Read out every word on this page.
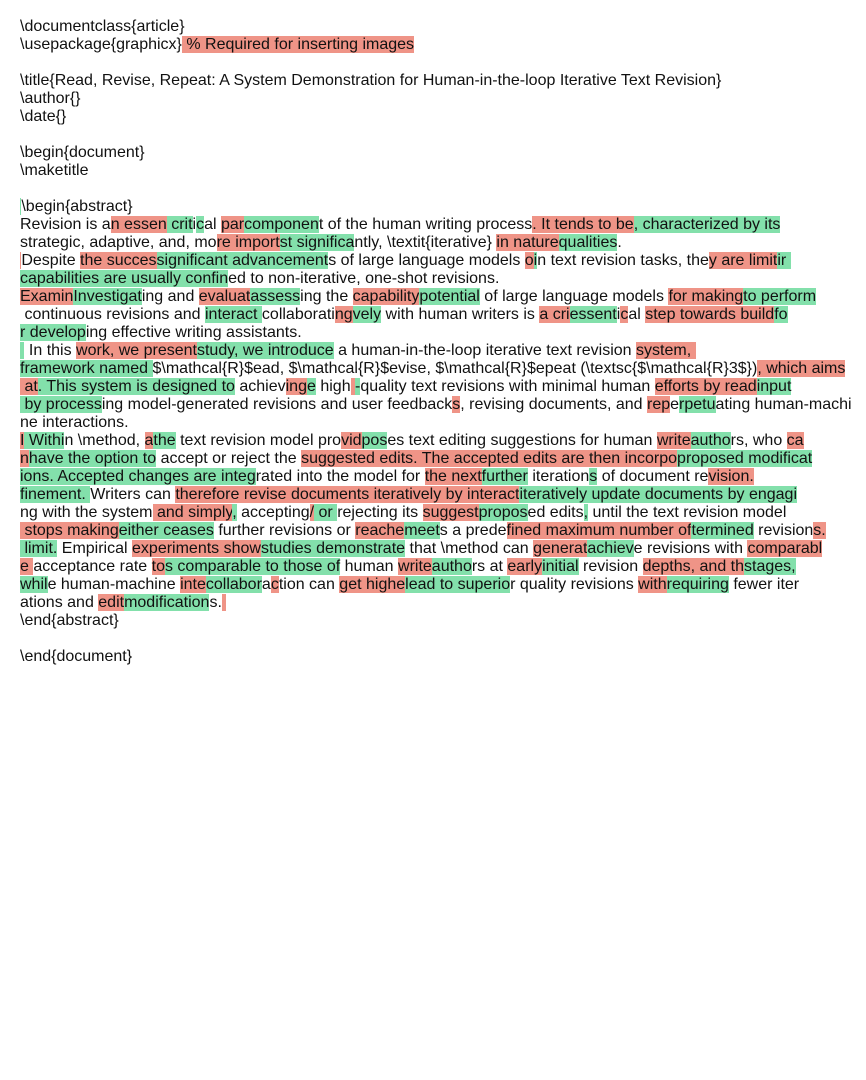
\documentclass{article}
\usepackage{graphicx} % Required for inserting images
\title{Read, Revise, Repeat: A System Demonstration for Human-in-the-loop Iterative Text Revision}
\author{}
\date{}
\begin{document}
\maketitle
 \begin{abstract}
Revision is an essen critical parcomponent of the human writing process. It tends to be, characterized by its
strategic, adaptive, and, more importst significantly, \textit{iterative} in naturequalities.
 Despite the successignificant advancements of large language models oin text revision tasks, they are limitir
capabilities are usually confined to non-iterative, one-shot revisions.
ExaminInvestigating and evaluatassessing the capabilitypotential of large language models for makingto perform
continuous revisions and interact collaboratingvely with human writers is a criessentical step towards buildfo
r developing effective writing assistants.
In this work, we presentstudy, we introduce a human-in-the-loop iterative text revision system,
framework named $\mathcal{R}$ead, $\mathcal{R}$evise, $\mathcal{R}$epeat (\textsc{$\mathcal{R}3$}), which aims
at. This system is designed to achievinge high -quality text revisions with minimal human efforts by readinput
by processing model-generated revisions and user feedbacks, revising documents, and reperpetuating human-machi
ne interactions.
I Within \method, athe text revision model providposes text editing suggestions for human writeauthors, who ca
nhave the option to accept or reject the suggested edits. The accepted edits are then incorpoproposed modificat
ions. Accepted changes are integrated into the model for the nextfurther iterations of document revision.
finement. Writers can therefore revise documents iteratively by interactiteratively update documents by engagi
ng with the system and simply, accepting/ or rejecting its suggestproposed edits, until the text revision model
stops makingeither ceases further revisions or reachemeets a predefined maximum number oftermined revisions.
limit. Empirical experiments showstudies demonstrate that \method can generatachieve revisions with comparabl
e acceptance rate tos comparable to those of human writeauthors at earlyinitial revision depths, and thstages,
while human-machine intecollaboraction can get highelead to superior quality revisions withrequiring fewer iter
ations and editmodifications.
\end{abstract}
\end{document}
